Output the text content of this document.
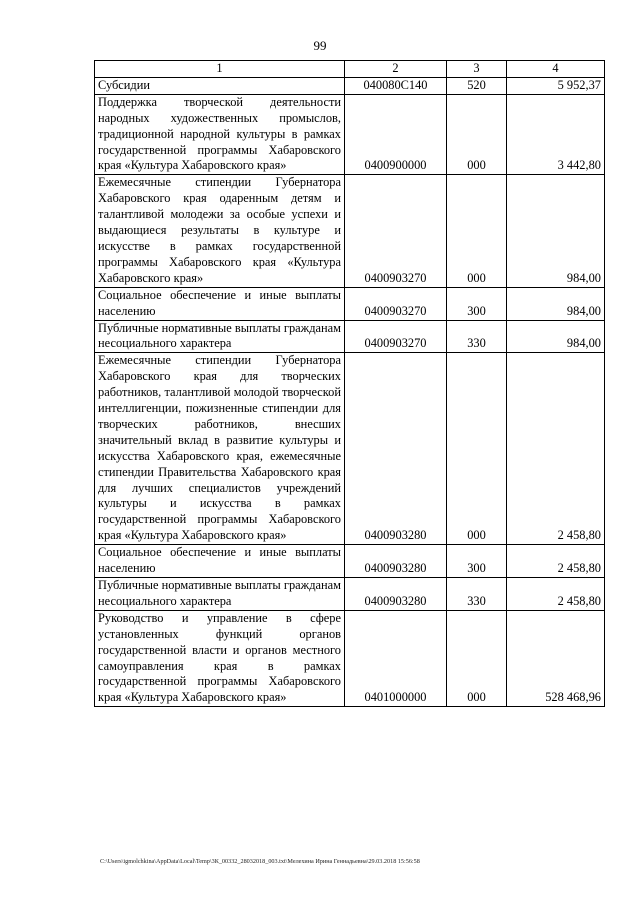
99
1	2	3	4
Субсидии	040080С140	520	5 952,37
Поддержка творческой деятельности народных художественных промыслов, традиционной народной культуры в рамках государственной программы Хабаровского края «Культура Хабаровского края»	0400900000	000	3 442,80
Ежемесячные стипендии Губернатора Хабаровского края одаренным детям и талантливой молодежи за особые успехи и выдающиеся результаты в культуре и искусстве в рамках государственной программы Хабаровского края «Культура Хабаровского края»	0400903270	000	984,00
Социальное обеспечение и иные выплаты населению	0400903270	300	984,00
Публичные нормативные выплаты гражданам несоциального характера	0400903270	330	984,00
Ежемесячные стипендии Губернатора Хабаровского края для творческих работников, талантливой молодой творческой интеллигенции, пожизненные стипендии для творческих работников, внесших значительный вклад в развитие культуры и искусства Хабаровского края, ежемесячные стипендии Правительства Хабаровского края для лучших специалистов учреждений культуры и искусства в рамках государственной программы Хабаровского края «Культура Хабаровского края»	0400903280	000	2 458,80
Социальное обеспечение и иные выплаты населению	0400903280	300	2 458,80
Публичные нормативные выплаты гражданам несоциального характера	0400903280	330	2 458,80
Руководство и управление в сфере установленных функций органов государственной власти и органов местного самоуправления края в рамках государственной программы Хабаровского края «Культура Хабаровского края»	0401000000	000	528 468,96
C:\Users\igmolchkina\AppData\Local\Temp\3К_00332_28032018_003.txt\Мелехина Ирина Геннадьевна\29.03.2018 15:56:58
